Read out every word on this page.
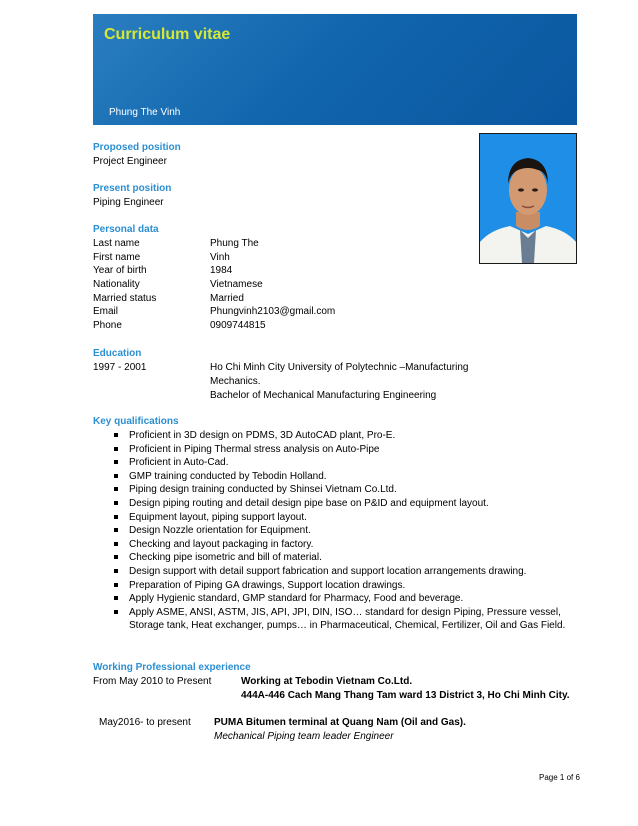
Curriculum vitae
Phung The Vinh
Proposed position
Project Engineer
Present position
Piping Engineer
Personal data
Last name	Phung The
First name	Vinh
Year of birth	1984
Nationality	Vietnamese
Married status	Married
Email	Phungvinh2103@gmail.com
Phone	0909744815
Education
1997 - 2001	Ho Chi Minh City University of Polytechnic –Manufacturing
Mechanics.
Bachelor of Mechanical Manufacturing Engineering
Key qualifications
Proficient in 3D design on PDMS, 3D AutoCAD plant, Pro-E.
Proficient in Piping Thermal stress analysis on Auto-Pipe
Proficient in Auto-Cad.
GMP training conducted by Tebodin Holland.
Piping design training conducted by Shinsei Vietnam Co.Ltd.
Design piping routing and detail design pipe base on P&ID and equipment layout.
Equipment layout, piping support layout.
Design Nozzle orientation for Equipment.
Checking and layout packaging in factory.
Checking pipe isometric and bill of material.
Design support with detail support fabrication and support location arrangements drawing.
Preparation of Piping GA drawings, Support location drawings.
Apply Hygienic standard, GMP standard for Pharmacy, Food and beverage.
Apply ASME, ANSI, ASTM, JIS, API, JPI, DIN, ISO… standard for design Piping, Pressure vessel, Storage tank, Heat exchanger, pumps… in Pharmaceutical, Chemical, Fertilizer, Oil and Gas Field.
Working Professional experience
From May 2010 to Present	Working at Tebodin Vietnam Co.Ltd.
444A-446 Cach Mang Thang Tam ward 13 District 3, Ho Chi Minh City.
May2016- to present PUMA Bitumen terminal at Quang Nam (Oil and Gas).
Mechanical Piping team leader Engineer
Page 1 of 6
